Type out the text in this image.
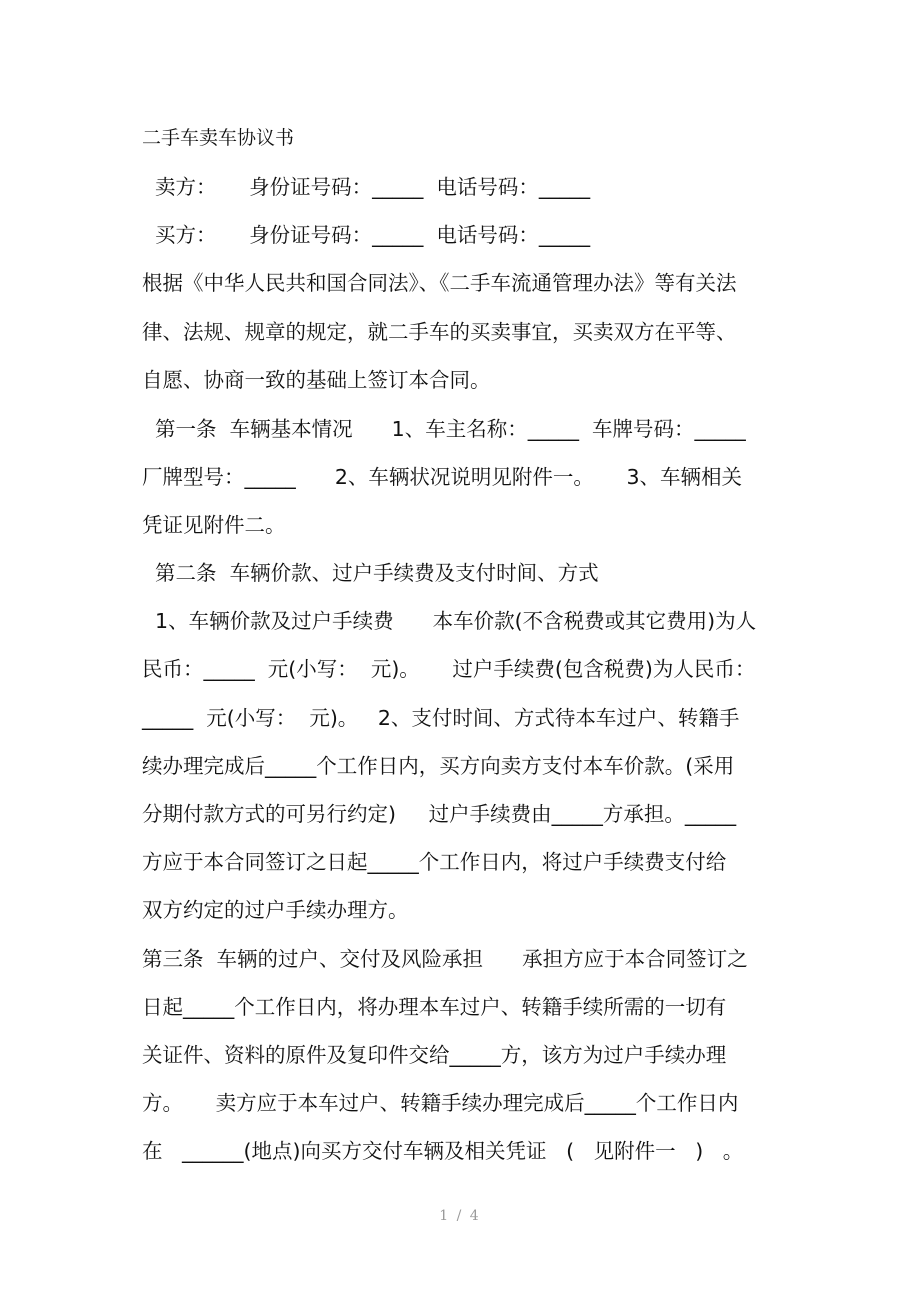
二手车卖车协议书
卖方：     身份证号码：_____  电话号码：_____
买方：     身份证号码：_____  电话号码：_____
根据《中华人民共和国合同法》、《二手车流通管理办法》等有关法
律、法规、规章的规定，就二手车的买卖事宜，买卖双方在平等、
自愿、协商一致的基础上签订本合同。
第一条  车辆基本情况      1、车主名称：_____  车牌号码：_____
厂牌型号：_____      2、车辆状况说明见附件一。     3、车辆相关
凭证见附件二。
第二条  车辆价款、过户手续费及支付时间、方式
1、车辆价款及过户手续费      本车价款(不含税费或其它费用)为人
民币：_____  元(小写：  元)。     过户手续费(包含税费)为人民币：
_____  元(小写：  元)。   2、支付时间、方式待本车过户、转籍手
续办理完成后_____个工作日内，买方向卖方支付本车价款。(采用
分期付款方式的可另行约定)     过户手续费由_____方承担。_____
方应于本合同签订之日起_____个工作日内，将过户手续费支付给
双方约定的过户手续办理方。
第三条  车辆的过户、交付及风险承担      承担方应于本合同签订之
日起_____个工作日内，将办理本车过户、转籍手续所需的一切有
关证件、资料的原件及复印件交给_____方，该方为过户手续办理
方。     卖方应于本车过户、转籍手续办理完成后_____个工作日内
在   ______(地点)向买方交付车辆及相关凭证   (   见附件一   )   。
1 / 4
